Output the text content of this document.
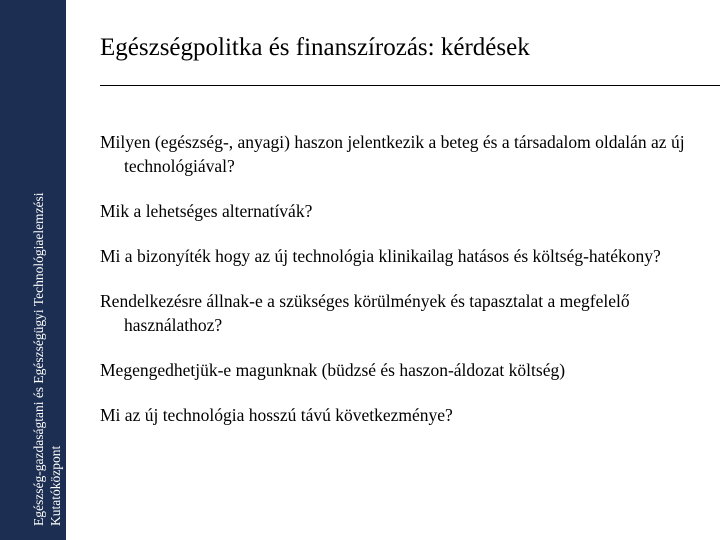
Egészség-gazdaságtani és Egészségügyi Technológiaelemzési Kutatóközpont
Egészségpolitka és finanszírozás: kérdések
Milyen (egészség-, anyagi) haszon jelentkezik a beteg és a társadalom oldalán az új technológiával?
Mik a lehetséges alternatívák?
Mi a bizonyíték hogy az új technológia klinikailag hatásos és költség-hatékony?
Rendelkezésre állnak-e a szükséges körülmények és tapasztalat a megfelelő használathoz?
Megengedhetjük-e magunknak (büdzsé és haszon-áldozat költség)
Mi az új technológia hosszú távú következménye?
